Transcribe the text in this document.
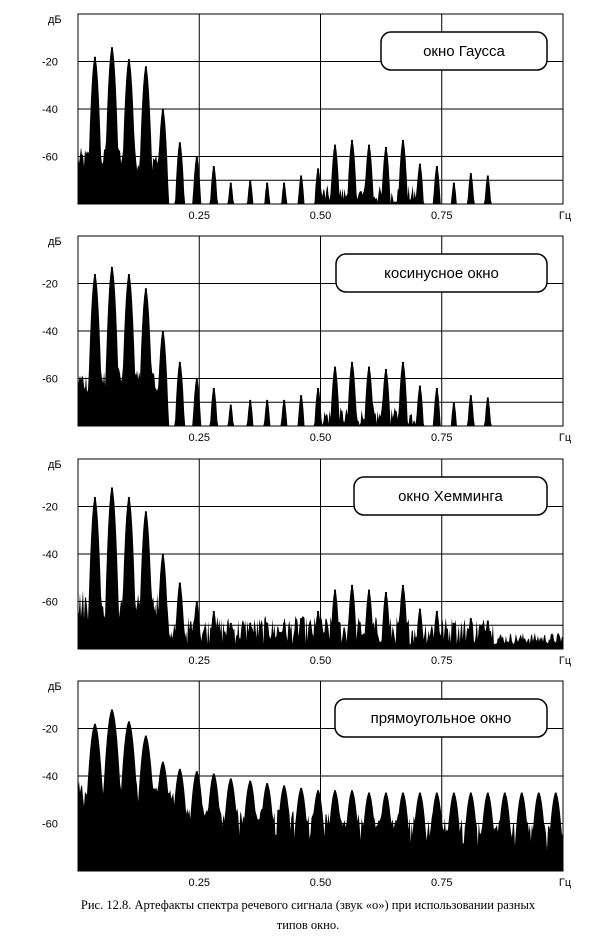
дБ
-20
-40
-60
0.25	0.50	0.75	Гц
окно Гаусса
дБ
-20
-40
-60
0.25	0.50	0.75	Гц
косинусное окно
дБ
-20
-40
-60
0.25	0.50	0.75	Гц
окно Хемминга
дБ
-20
-40
-60
0.25	0.50	0.75	Гц
прямоугольное окно
Рис. 12.8. Артефакты спектра речевого сигнала (звук «о») при использовании разных
типов окно.
